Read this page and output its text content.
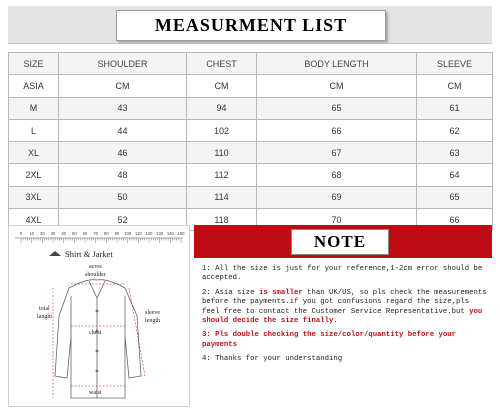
MEASURMENT LIST
SIZE	SHOULDER	CHEST	BODY LENGTH	SLEEVE
ASIA	CM	CM	CM	CM
M	43	94	65	61
L	44	102	66	62
XL	46	110	67	63
2XL	48	112	68	64
3XL	50	114	69	65
4XL	52	118	70	66
0 10 20 30 40 50 60 70 80 90 100 110 120 130 140 150
Shirt & Jarket
acros
shoulder
total
langht
sleeve
length
chest
waist
NOTE

1: All the size is just for your reference,1-2cm error should be accepted.

2: Asia size is smaller than UK/US, so pls check the measurements before the payments.if you got confusions regard the size,pls feel free to contact the Customer Service Representative.but you should decide the size finally.

3: Pls double checking the size/color/quantity before your payments

4: Thanks for your understanding
